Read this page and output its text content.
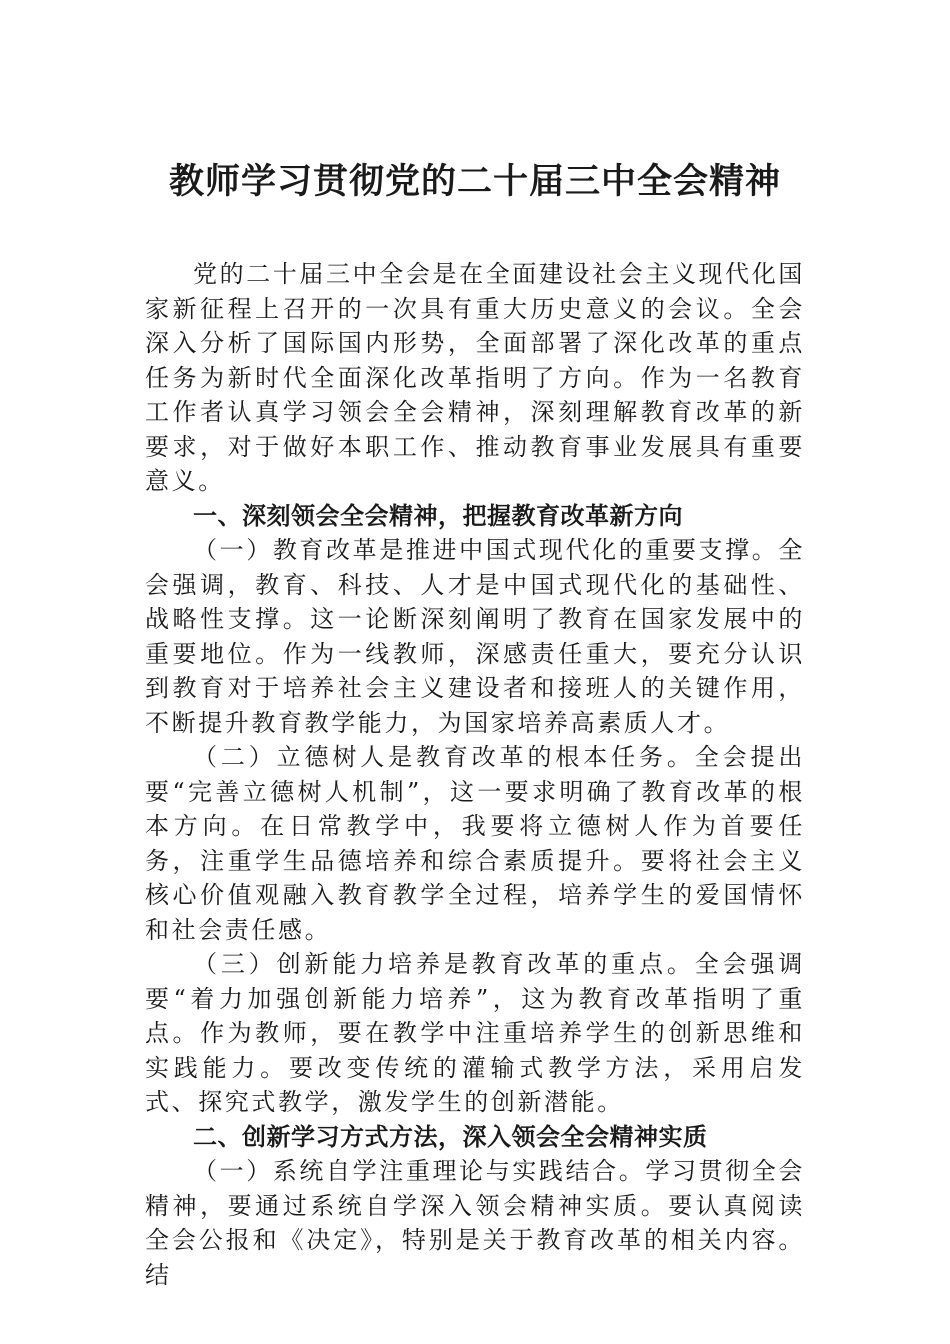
教师学习贯彻党的二十届三中全会精神

党的二十届三中全会是在全面建设社会主义现代化国家新征程上召开的一次具有重大历史意义的会议。全会深入分析了国际国内形势，全面部署了深化改革的重点任务为新时代全面深化改革指明了方向。作为一名教育工作者认真学习领会全会精神，深刻理解教育改革的新要求，对于做好本职工作、推动教育事业发展具有重要意义。

一、深刻领会全会精神，把握教育改革新方向

（一）教育改革是推进中国式现代化的重要支撑。全会强调，教育、科技、人才是中国式现代化的基础性、战略性支撑。这一论断深刻阐明了教育在国家发展中的重要地位。作为一线教师，深感责任重大，要充分认识到教育对于培养社会主义建设者和接班人的关键作用，不断提升教育教学能力，为国家培养高素质人才。

（二）立德树人是教育改革的根本任务。全会提出要“完善立德树人机制”，这一要求明确了教育改革的根本方向。在日常教学中，我要将立德树人作为首要任务，注重学生品德培养和综合素质提升。要将社会主义核心价值观融入教育教学全过程，培养学生的爱国情怀和社会责任感。

（三）创新能力培养是教育改革的重点。全会强调要“着力加强创新能力培养”，这为教育改革指明了重点。作为教师，要在教学中注重培养学生的创新思维和实践能力。要改变传统的灌输式教学方法，采用启发式、探究式教学，激发学生的创新潜能。

二、创新学习方式方法，深入领会全会精神实质

（一）系统自学注重理论与实践结合。学习贯彻全会精神，要通过系统自学深入领会精神实质。要认真阅读全会公报和《决定》，特别是关于教育改革的相关内容。结
